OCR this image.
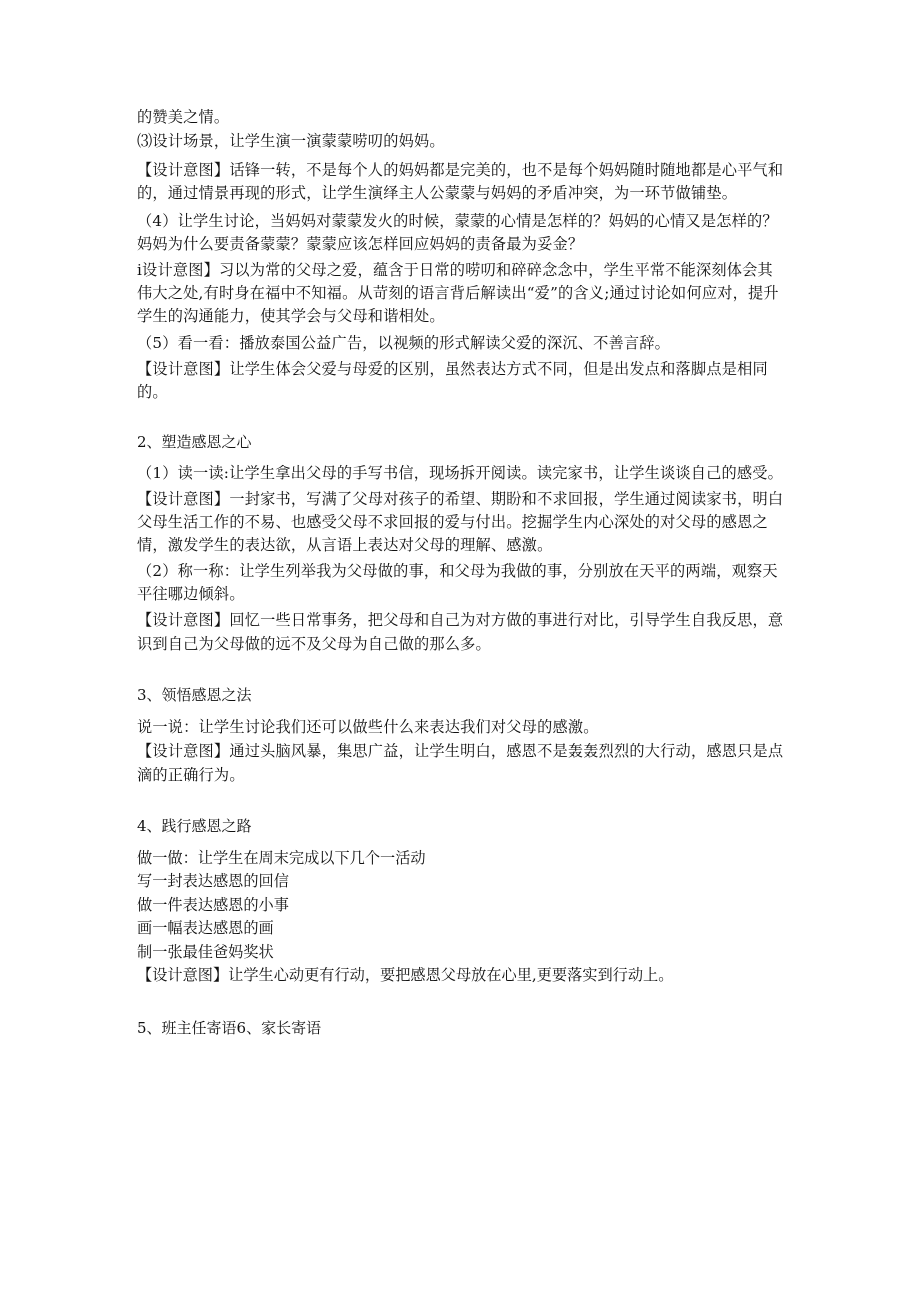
的赞美之情。

⑶设计场景，让学生演一演蒙蒙唠叨的妈妈。

【设计意图】话锋一转，不是每个人的妈妈都是完美的，也不是每个妈妈随时随地都是心平气和的，通过情景再现的形式，让学生演绎主人公蒙蒙与妈妈的矛盾冲突，为一环节做铺垫。

（4）让学生讨论，当妈妈对蒙蒙发火的时候，蒙蒙的心情是怎样的？妈妈的心情又是怎样的？妈妈为什么要责备蒙蒙？蒙蒙应该怎样回应妈妈的责备最为妥金？

i设计意图】习以为常的父母之爱，蕴含于日常的唠叨和碎碎念念中，学生平常不能深刻体会其伟大之处,有时身在福中不知福。从苛刻的语言背后解读出“爱”的含义;通过讨论如何应对，提升学生的沟通能力，使其学会与父母和谐相处。

（5）看一看：播放泰国公益广告，以视频的形式解读父爱的深沉、不善言辞。

【设计意图】让学生体会父爱与母爱的区别，虽然表达方式不同，但是出发点和落脚点是相同的。

2、塑造感恩之心

（1）读一读:让学生拿出父母的手写书信，现场拆开阅读。读完家书，让学生谈谈自己的感受。

【设计意图】一封家书，写满了父母对孩子的希望、期盼和不求回报，学生通过阅读家书，明白父母生活工作的不易、也感受父母不求回报的爱与付出。挖掘学生内心深处的对父母的感恩之情，激发学生的表达欲，从言语上表达对父母的理解、感激。

（2）称一称：让学生列举我为父母做的事，和父母为我做的事，分别放在天平的两端，观察天平往哪边倾斜。

【设计意图】回忆一些日常事务，把父母和自己为对方做的事进行对比，引导学生自我反思，意识到自己为父母做的远不及父母为自己做的那么多。

3、领悟感恩之法

说一说：让学生讨论我们还可以做些什么来表达我们对父母的感激。

【设计意图】通过头脑风暴，集思广益，让学生明白，感恩不是轰轰烈烈的大行动，感恩只是点滴的正确行为。

4、践行感恩之路

做一做：让学生在周末完成以下几个一活动

写一封表达感恩的回信

做一件表达感恩的小事

画一幅表达感恩的画

制一张最佳爸妈奖状

【设计意图】让学生心动更有行动，要把感恩父母放在心里,更要落实到行动上。

5、班主任寄语6、家长寄语
